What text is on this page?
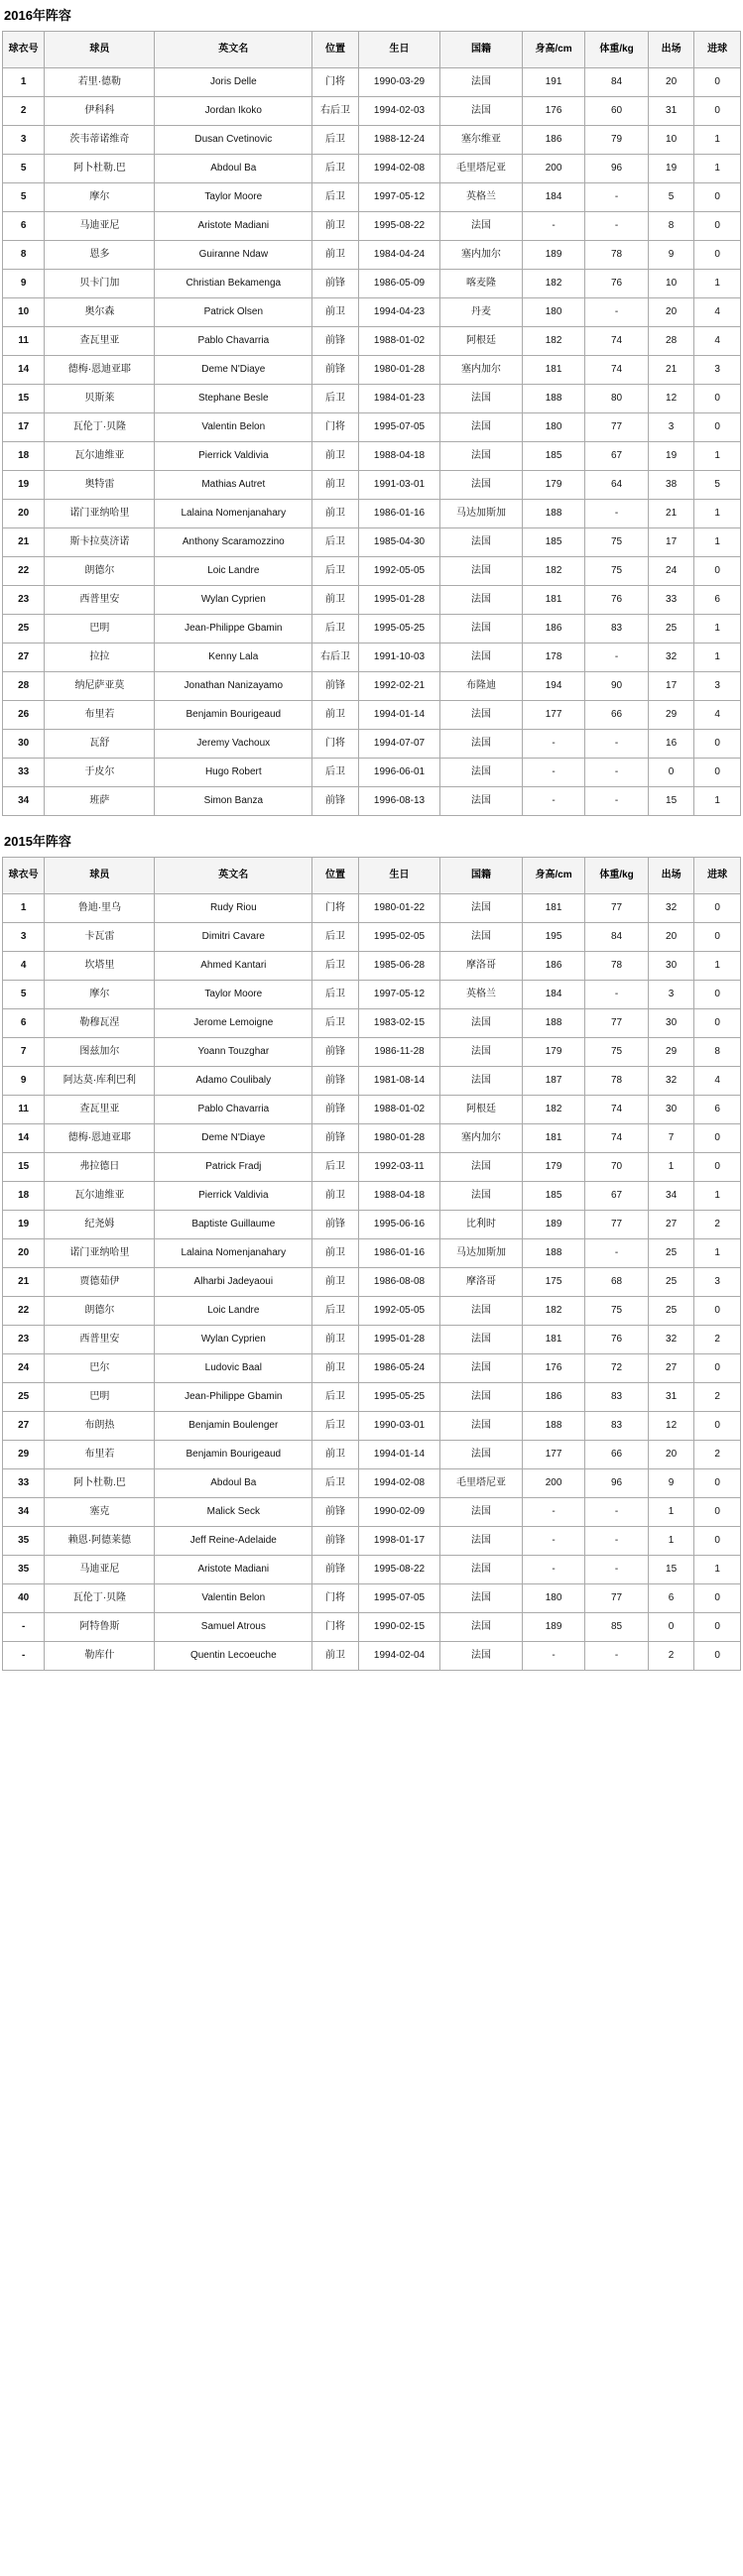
2016年阵容
球衣号	球员	英文名	位置	生日	国籍	身高/cm	体重/kg	出场	进球
1	若里·德勒	Joris Delle	门将	1990-03-29	法国	191	84	20	0
2	伊科科	Jordan Ikoko	右后卫	1994-02-03	法国	176	60	31	0
3	茨韦蒂诺维奇	Dusan Cvetinovic	后卫	1988-12-24	塞尔维亚	186	79	10	1
5	阿卜杜勒.巴	Abdoul Ba	后卫	1994-02-08	毛里塔尼亚	200	96	19	1
5	摩尔	Taylor Moore	后卫	1997-05-12	英格兰	184	-	5	0
6	马迪亚尼	Aristote Madiani	前卫	1995-08-22	法国	-	-	8	0
8	恩多	Guiranne Ndaw	前卫	1984-04-24	塞内加尔	189	78	9	0
9	贝卡门加	Christian Bekamenga	前锋	1986-05-09	喀麦隆	182	76	10	1
10	奥尔森	Patrick Olsen	前卫	1994-04-23	丹麦	180	-	20	4
11	查瓦里亚	Pablo Chavarria	前锋	1988-01-02	阿根廷	182	74	28	4
14	德梅·恩迪亚耶	Deme N'Diaye	前锋	1980-01-28	塞内加尔	181	74	21	3
15	贝斯莱	Stephane Besle	后卫	1984-01-23	法国	188	80	12	0
17	瓦伦丁·贝隆	Valentin Belon	门将	1995-07-05	法国	180	77	3	0
18	瓦尔迪维亚	Pierrick Valdivia	前卫	1988-04-18	法国	185	67	19	1
19	奥特雷	Mathias Autret	前卫	1991-03-01	法国	179	64	38	5
20	诺门亚纳哈里	Lalaina Nomenjanahary	前卫	1986-01-16	马达加斯加	188	-	21	1
21	斯卡拉莫济诺	Anthony Scaramozzino	后卫	1985-04-30	法国	185	75	17	1
22	朗德尔	Loic Landre	后卫	1992-05-05	法国	182	75	24	0
23	西普里安	Wylan Cyprien	前卫	1995-01-28	法国	181	76	33	6
25	巴明	Jean-Philippe Gbamin	后卫	1995-05-25	法国	186	83	25	1
27	拉拉	Kenny Lala	右后卫	1991-10-03	法国	178	-	32	1
28	纳尼萨亚莫	Jonathan Nanizayamo	前锋	1992-02-21	布隆迪	194	90	17	3
26	布里若	Benjamin Bourigeaud	前卫	1994-01-14	法国	177	66	29	4
30	瓦舒	Jeremy Vachoux	门将	1994-07-07	法国	-	-	16	0
33	于皮尔	Hugo Robert	后卫	1996-06-01	法国	-	-	0	0
34	班萨	Simon Banza	前锋	1996-08-13	法国	-	-	15	1
2015年阵容
球衣号	球员	英文名	位置	生日	国籍	身高/cm	体重/kg	出场	进球
1	鲁迪·里乌	Rudy Riou	门将	1980-01-22	法国	181	77	32	0
3	卡瓦雷	Dimitri Cavare	后卫	1995-02-05	法国	195	84	20	0
4	坎塔里	Ahmed Kantari	后卫	1985-06-28	摩洛哥	186	78	30	1
5	摩尔	Taylor Moore	后卫	1997-05-12	英格兰	184	-	3	0
6	勒穆瓦涅	Jerome Lemoigne	后卫	1983-02-15	法国	188	77	30	0
7	图兹加尔	Yoann Touzghar	前锋	1986-11-28	法国	179	75	29	8
9	阿达莫·库利巴利	Adamo Coulibaly	前锋	1981-08-14	法国	187	78	32	4
11	查瓦里亚	Pablo Chavarria	前锋	1988-01-02	阿根廷	182	74	30	6
14	德梅·恩迪亚耶	Deme N'Diaye	前锋	1980-01-28	塞内加尔	181	74	7	0
15	弗拉德日	Patrick Fradj	后卫	1992-03-11	法国	179	70	1	0
18	瓦尔迪维亚	Pierrick Valdivia	前卫	1988-04-18	法国	185	67	34	1
19	纪尧姆	Baptiste Guillaume	前锋	1995-06-16	比利时	189	77	27	2
20	诺门亚纳哈里	Lalaina Nomenjanahary	前卫	1986-01-16	马达加斯加	188	-	25	1
21	贾德茹伊	Alharbi Jadeyaoui	前卫	1986-08-08	摩洛哥	175	68	25	3
22	朗德尔	Loic Landre	后卫	1992-05-05	法国	182	75	25	0
23	西普里安	Wylan Cyprien	前卫	1995-01-28	法国	181	76	32	2
24	巴尔	Ludovic Baal	前卫	1986-05-24	法国	176	72	27	0
25	巴明	Jean-Philippe Gbamin	后卫	1995-05-25	法国	186	83	31	2
27	布朗热	Benjamin Boulenger	后卫	1990-03-01	法国	188	83	12	0
29	布里若	Benjamin Bourigeaud	前卫	1994-01-14	法国	177	66	20	2
33	阿卜杜勒.巴	Abdoul Ba	后卫	1994-02-08	毛里塔尼亚	200	96	9	0
34	塞克	Malick Seck	前锋	1990-02-09	法国	-	-	1	0
35	赖恩·阿德莱德	Jeff Reine-Adelaide	前锋	1998-01-17	法国	-	-	1	0
35	马迪亚尼	Aristote Madiani	前锋	1995-08-22	法国	-	-	15	1
40	瓦伦丁·贝隆	Valentin Belon	门将	1995-07-05	法国	180	77	6	0
-	阿特鲁斯	Samuel Atrous	门将	1990-02-15	法国	189	85	0	0
-	勒库什	Quentin Lecoeuche	前卫	1994-02-04	法国	-	-	2	0
